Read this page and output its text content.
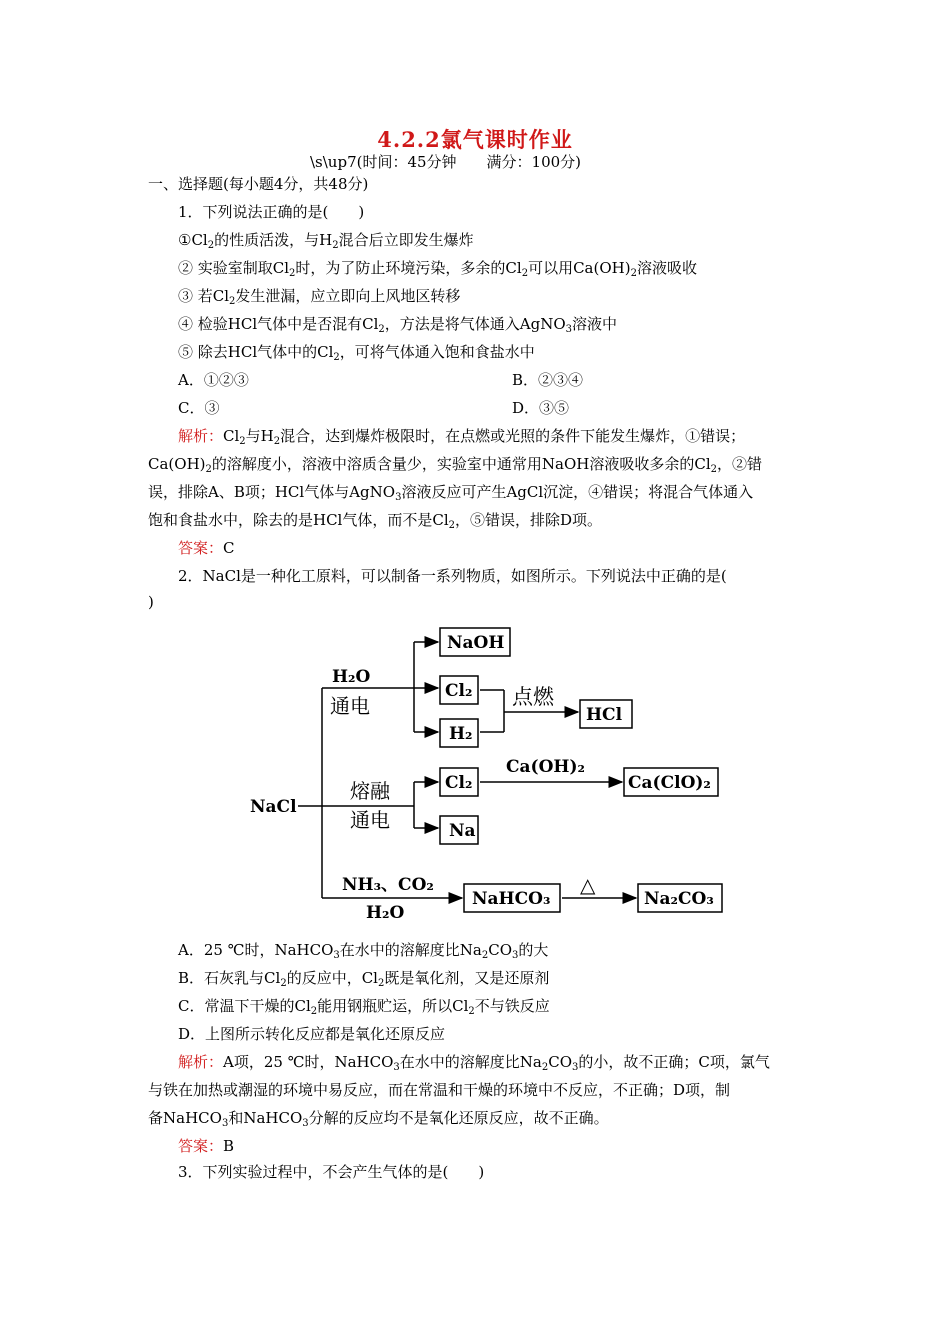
4.2.2氯气课时作业
\s\up7(时间：45分钟　　满分：100分)
一、选择题(每小题4分，共48分)
1．下列说法正确的是(　　)
$①Cl_2$的性质活泼，与$H_2$混合后立即发生爆炸
② 实验室制取$Cl_2$时，为了防止环境污染，多余的$Cl_2$可以用$Ca(OH)_2$溶液吸收
③ 若$Cl_2$发生泄漏，应立即向上风地区转移
④ 检验HCl气体中是否混有$Cl_2$，方法是将气体通入AgNO$_3$溶液中
⑤ 除去HCl气体中的$Cl_2$，可将气体通入饱和食盐水中
A．①②③	B．②③④
C．③	D．③⑤
解析：$Cl_2$与$H_2$混合，达到爆炸极限时，在点燃或光照的条件下能发生爆炸，①错误；
$Ca(OH)_2$的溶解度小，溶液中溶质含量少，实验室中通常用NaOH溶液吸收多余的$Cl_2$，②错
误，排除A、B项；HCl气体与AgNO$_3$溶液反应可产生AgCl沉淀，④错误；将混合气体通入
饱和食盐水中，除去的是HCl气体，而不是$Cl_2$，⑤错误，排除D项。
答案：C
2．NaCl是一种化工原料，可以制备一系列物质，如图所示。下列说法中正确的是(
)
NaCl
H₂O
通电
NaOH
Cl₂
H₂
点燃
HCl
熔融
通电
Cl₂
Ca(OH)₂
Ca(ClO)₂
Na
NH₃、CO₂
H₂O
NaHCO₃
△
Na₂CO₃
A．25 ℃时，NaHCO$_3$在水中的溶解度比$Na_2CO_3$的大
B．石灰乳与$Cl_2$的反应中，$Cl_2$既是氧化剂，又是还原剂
C．常温下干燥的$Cl_2$能用钢瓶贮运，所以$Cl_2$不与铁反应
D．上图所示转化反应都是氧化还原反应
解析：A项，25 ℃时，NaHCO$_3$在水中的溶解度比$Na_2CO_3$的小，故不正确；C项，氯气
与铁在加热或潮湿的环境中易反应，而在常温和干燥的环境中不反应，不正确；D项，制
备NaHCO$_3$和NaHCO$_3$分解的反应均不是氧化还原反应，故不正确。
答案：B
3．下列实验过程中，不会产生气体的是(　　)
